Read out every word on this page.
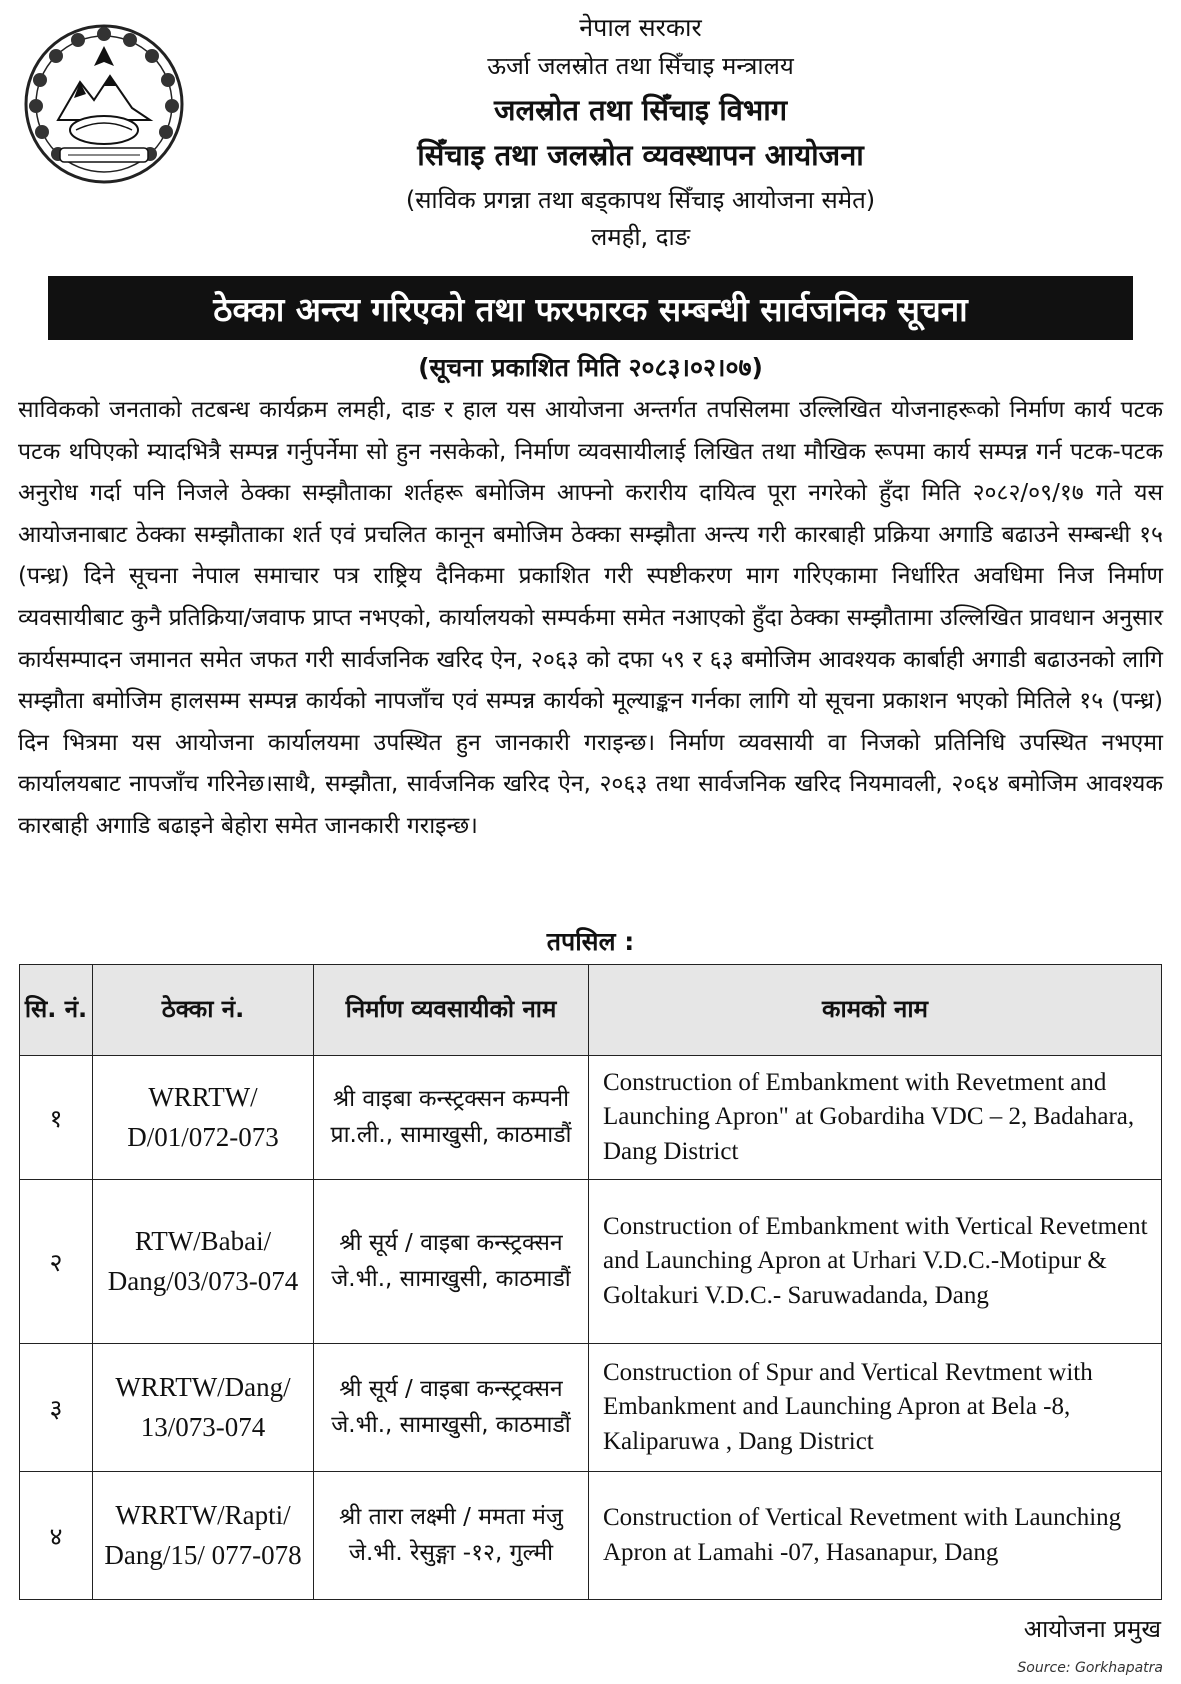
नेपाल सरकार

ऊर्जा जलस्रोत तथा सिँचाइ मन्त्रालय

जलस्रोत तथा सिँचाइ विभाग

सिँचाइ तथा जलस्रोत व्यवस्थापन आयोजना

(साविक प्रगन्ना तथा बड्कापथ सिँचाइ आयोजना समेत)

लमही, दाङ

ठेक्का अन्त्य गरिएको तथा फरफारक सम्बन्धी सार्वजनिक सूचना
(सूचना प्रकाशित मिति २०८३।०२।०७)
साविकको जनताको तटबन्ध कार्यक्रम लमही, दाङ र हाल यस आयोजना अन्तर्गत तपसिलमा उल्लिखित योजनाहरूको निर्माण कार्य पटक पटक थपिएको म्यादभित्रै सम्पन्न गर्नुपर्नेमा सो हुन नसकेको, निर्माण व्यवसायीलाई लिखित तथा मौखिक रूपमा कार्य सम्पन्न गर्न पटक-पटक अनुरोध गर्दा पनि निजले ठेक्का सम्झौताका शर्तहरू बमोजिम आफ्नो करारीय दायित्व पूरा नगरेको हुँदा मिति २०८२/०९/१७ गते यस आयोजनाबाट ठेक्का सम्झौताका शर्त एवं प्रचलित कानून बमोजिम ठेक्का सम्झौता अन्त्य गरी कारबाही प्रक्रिया अगाडि बढाउने सम्बन्धी १५ (पन्ध्र) दिने सूचना नेपाल समाचार पत्र राष्ट्रिय दैनिकमा प्रकाशित गरी स्पष्टीकरण माग गरिएकामा निर्धारित अवधिमा निज निर्माण व्यवसायीबाट कुनै प्रतिक्रिया/जवाफ प्राप्त नभएको, कार्यालयको सम्पर्कमा समेत नआएको हुँदा ठेक्का सम्झौतामा उल्लिखित प्रावधान अनुसार कार्यसम्पादन जमानत समेत जफत गरी सार्वजनिक खरिद ऐन, २०६३ को दफा ५९ र ६३ बमोजिम आवश्यक कार्बाही अगाडी बढाउनको लागि सम्झौता बमोजिम हालसम्म सम्पन्न कार्यको नापजाँच एवं सम्पन्न कार्यको मूल्याङ्कन गर्नका लागि यो सूचना प्रकाशन भएको मितिले १५ (पन्ध्र) दिन भित्रमा यस आयोजना कार्यालयमा उपस्थित हुन जानकारी गराइन्छ। निर्माण व्यवसायी वा निजको प्रतिनिधि उपस्थित नभएमा कार्यालयबाट नापजाँच गरिनेछ।साथै, सम्झौता, सार्वजनिक खरिद ऐन, २०६३ तथा सार्वजनिक खरिद नियमावली, २०६४ बमोजिम आवश्यक कारबाही अगाडि बढाइने बेहोरा समेत जानकारी गराइन्छ।
तपसिल :
सि. नं.	ठेक्का नं.	निर्माण व्यवसायीको नाम	कामको नाम
१	WRRTW/ D/01/072-073	श्री वाइबा कन्स्ट्रक्सन कम्पनी प्रा.ली., सामाखुसी, काठमाडौं	Construction of Embankment with Revetment and Launching Apron" at Gobardiha VDC – 2, Badahara, Dang District
२	RTW/Babai/ Dang/03/073-074	श्री सूर्य / वाइबा कन्स्ट्रक्सन जे.भी., सामाखुसी, काठमाडौं	Construction of Embankment with Vertical Revetment and Launching Apron at Urhari V.D.C.-Motipur & Goltakuri V.D.C.- Saruwadanda, Dang
३	WRRTW/Dang/ 13/073-074	श्री सूर्य / वाइबा कन्स्ट्रक्सन जे.भी., सामाखुसी, काठमाडौं	Construction of Spur and Vertical Revtment with Embankment and Launching Apron at Bela -8, Kaliparuwa , Dang District
४	WRRTW/Rapti/ Dang/15/ 077-078	श्री तारा लक्ष्मी / ममता मंजु जे.भी. रेसुङ्गा -१२, गुल्मी	Construction of Vertical Revetment with Launching Apron at Lamahi -07, Hasanapur, Dang
आयोजना प्रमुख
Source: Gorkhapatra
